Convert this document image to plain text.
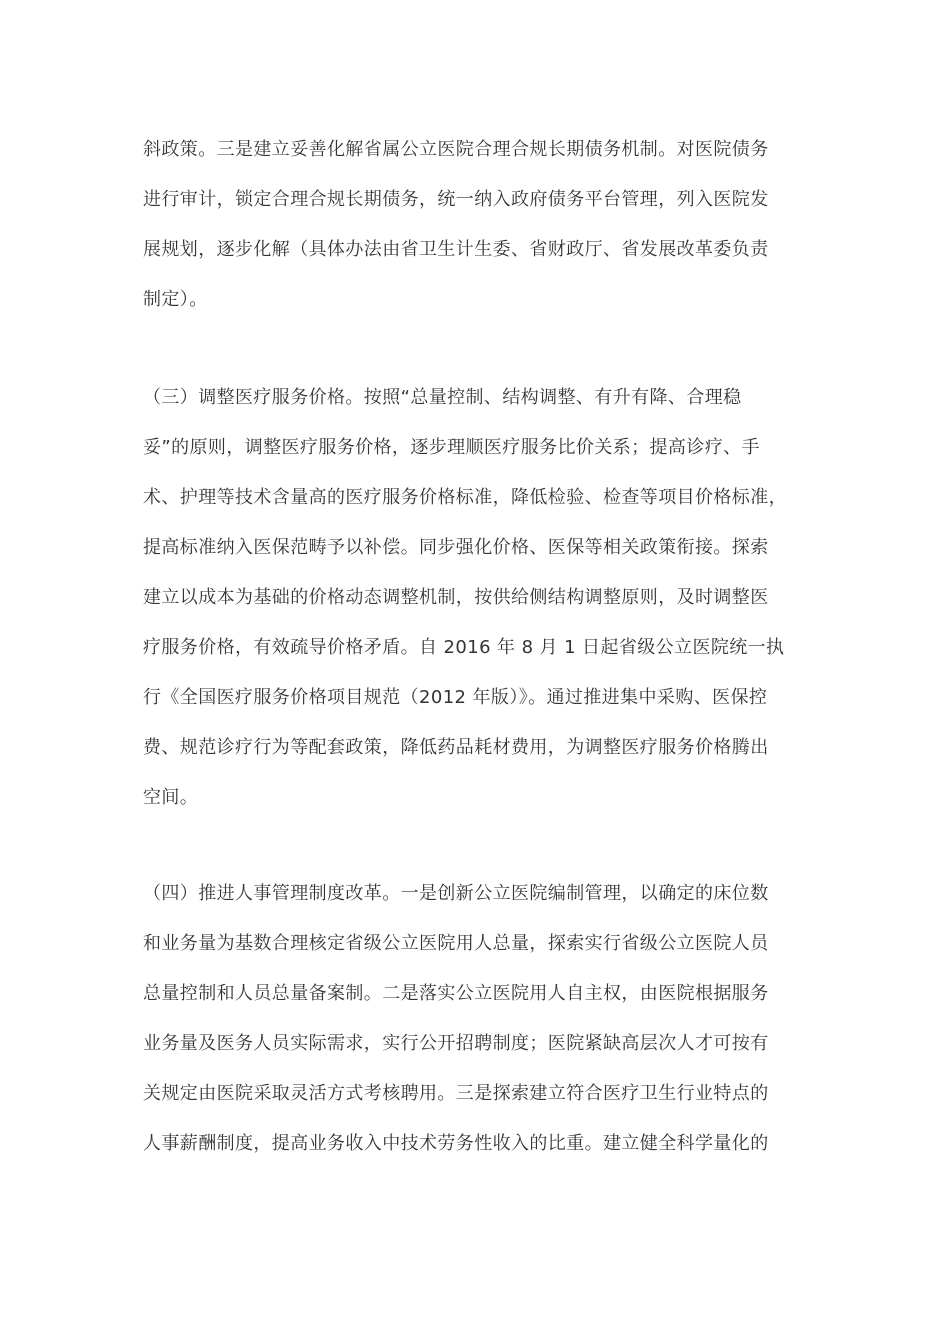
斜政策。三是建立妥善化解省属公立医院合理合规长期债务机制。对医院债务
进行审计，锁定合理合规长期债务，统一纳入政府债务平台管理，列入医院发
展规划，逐步化解（具体办法由省卫生计生委、省财政厅、省发展改革委负责
制定）。
（三）调整医疗服务价格。按照“总量控制、结构调整、有升有降、合理稳
妥”的原则，调整医疗服务价格，逐步理顺医疗服务比价关系；提高诊疗、手
术、护理等技术含量高的医疗服务价格标准，降低检验、检查等项目价格标准，
提高标准纳入医保范畴予以补偿。同步强化价格、医保等相关政策衔接。探索
建立以成本为基础的价格动态调整机制，按供给侧结构调整原则，及时调整医
疗服务价格，有效疏导价格矛盾。自 2016 年 8 月 1 日起省级公立医院统一执
行《全国医疗服务价格项目规范（2012 年版）》。通过推进集中采购、医保控
费、规范诊疗行为等配套政策，降低药品耗材费用，为调整医疗服务价格腾出
空间。
（四）推进人事管理制度改革。一是创新公立医院编制管理，以确定的床位数
和业务量为基数合理核定省级公立医院用人总量，探索实行省级公立医院人员
总量控制和人员总量备案制。二是落实公立医院用人自主权，由医院根据服务
业务量及医务人员实际需求，实行公开招聘制度；医院紧缺高层次人才可按有
关规定由医院采取灵活方式考核聘用。三是探索建立符合医疗卫生行业特点的
人事薪酬制度，提高业务收入中技术劳务性收入的比重。建立健全科学量化的
